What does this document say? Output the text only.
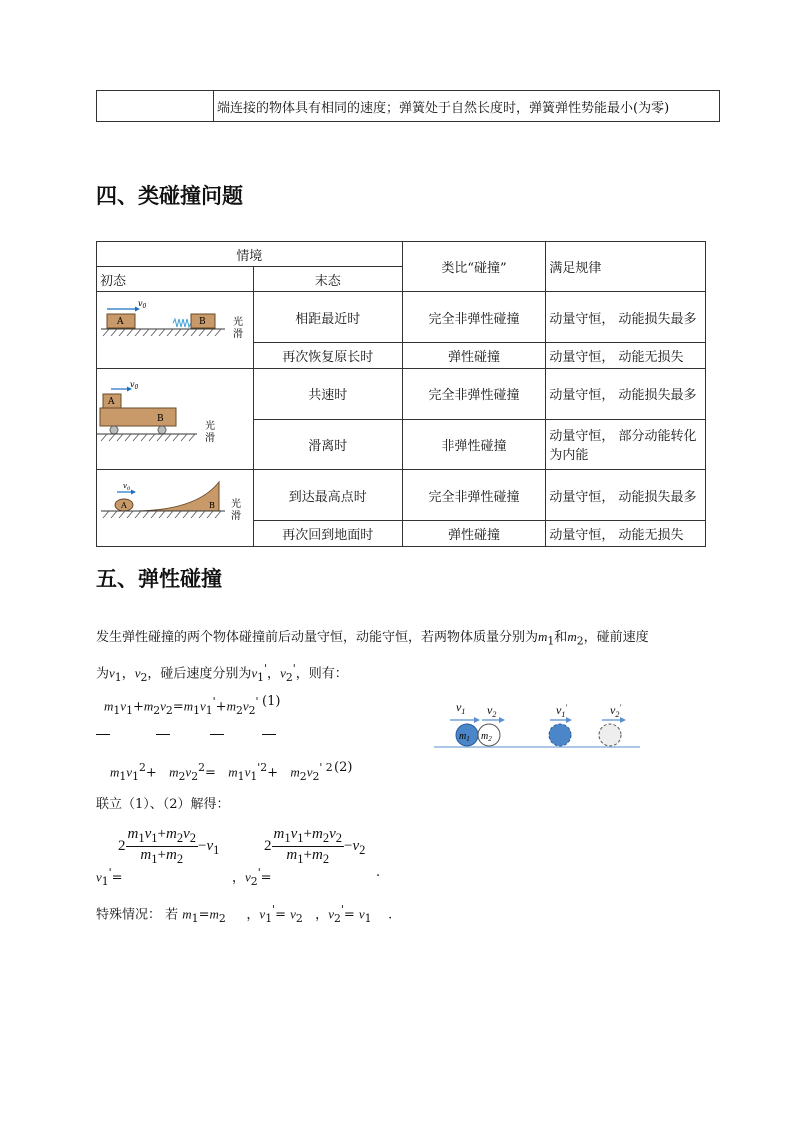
	端连接的物体具有相同的速度；弹簧处于自然长度时，弹簧弹性势能最小(为零)
四、类碰撞问题
情境		类比“碰撞”	满足规律
初态	末态		

$v_0$
A B 光
滑	相距最近时	完全非弹性碰撞	动量守恒， 动能损失最多
	再次恢复原长时	弹性碰撞	动量守恒， 动能无损失

$v_0$
A
B
光
滑	共速时	完全非弹性碰撞	动量守恒， 动能损失最多
	滑离时	非弹性碰撞	动量守恒， 部分动能转化为内能

$v_0$
A B 光
滑	到达最高点时	完全非弹性碰撞	动量守恒， 动能损失最多
	再次回到地面时	弹性碰撞	动量守恒， 动能无损失
五、弹性碰撞
发生弹性碰撞的两个物体碰撞前后动量守恒，动能守恒，若两物体质量分别为$m_1$和$m_2$，碰前速度
为$v_1$，$v_2$，碰后速度分别为$v_1'$，$v_2'$，则有：
$m_1v_1+m_2v_2=m_1v_1'+m_2v_2'$ (1)
$m_1v_1^2+ m_2v_2^2= m_1v_1^{'2}+ m_2v_2^{' 2}$ (2)
$v_1$ $v_2$
$m_1$ $m_2$
$v_1'$	$v_2'$
联立（1）、（2）解得：
$2 \frac{m_1v_1+m_2v_2}{m_1+m_2} -v_1$	$2 \frac{m_1v_1+m_2v_2}{m_1+m_2} -v_2$
$v_1'=$	，$v_2'=$	.
特殊情况： 若 $m_1=m_2$     ，$v_1'= v_2$   ，$v_2'= v_1$ .
